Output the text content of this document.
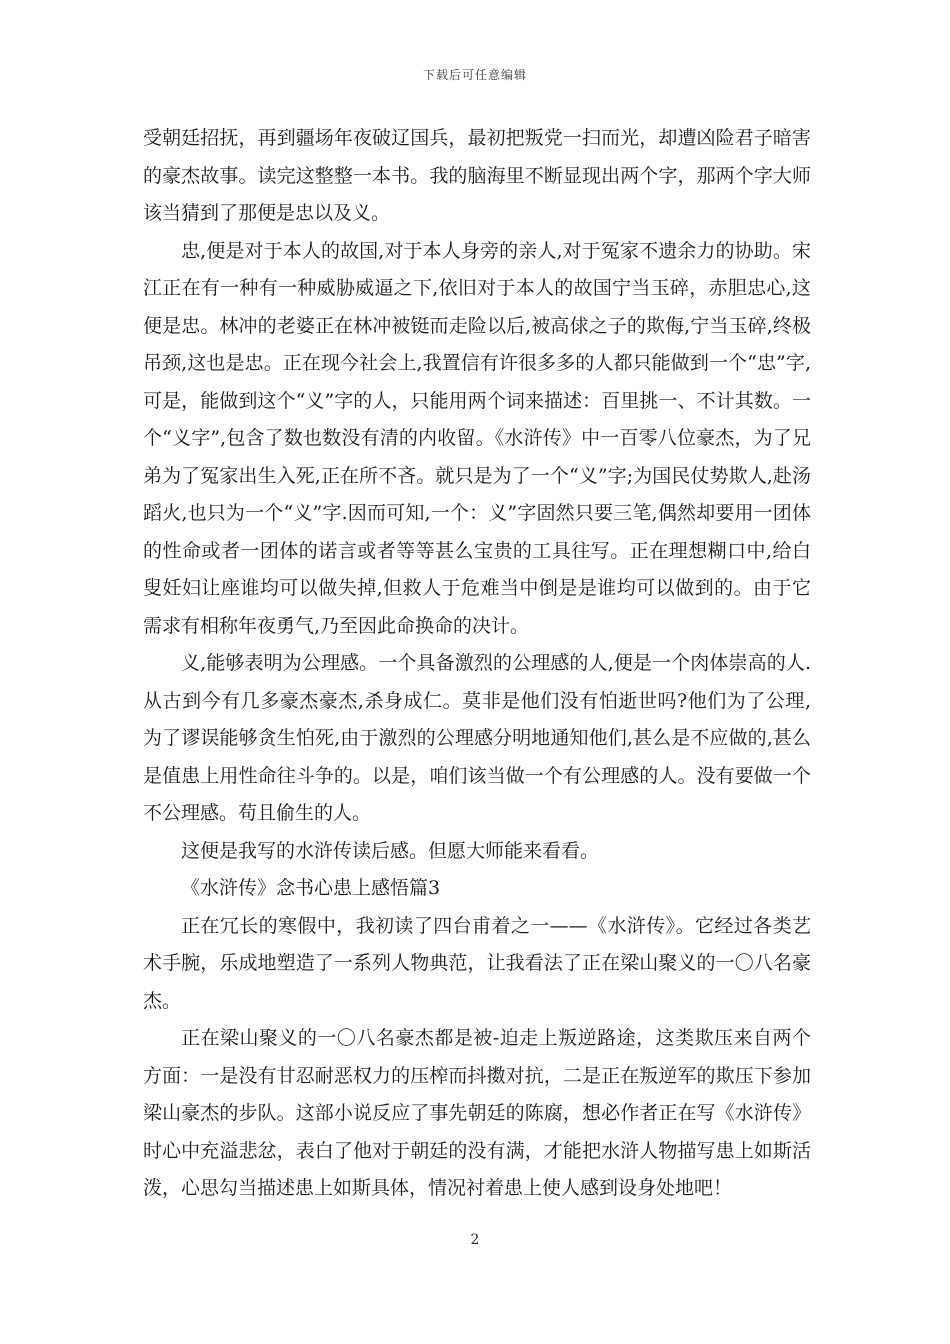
下载后可任意编辑

受朝廷招抚，再到疆场年夜破辽国兵，最初把叛党一扫而光，却遭凶险君子暗害的豪杰故事。读完这整整一本书。我的脑海里不断显现出两个字，那两个字大师该当猜到了那便是忠以及义。

忠,便是对于本人的故国,对于本人身旁的亲人,对于冤家不遗余力的协助。宋江正在有一种有一种威胁威逼之下,依旧对于本人的故国宁当玉碎，赤胆忠心,这便是忠。林冲的老婆正在林冲被铤而走险以后,被高俅之子的欺侮,宁当玉碎,终极吊颈,这也是忠。正在现今社会上,我置信有许很多多的人都只能做到一个“忠”字,可是，能做到这个“义”字的人，只能用两个词来描述：百里挑一、不计其数。一个“义字”,包含了数也数没有清的内收留。《水浒传》中一百零八位豪杰，为了兄弟为了冤家出生入死,正在所不吝。就只是为了一个“义”字;为国民仗势欺人,赴汤蹈火,也只为一个“义”字.因而可知,一个：义”字固然只要三笔,偶然却要用一团体的性命或者一团体的诺言或者等等甚么宝贵的工具往写。正在理想糊口中,给白叟妊妇让座谁均可以做失掉,但救人于危难当中倒是是谁均可以做到的。由于它需求有相称年夜勇气,乃至因此命换命的决计。

义,能够表明为公理感。一个具备激烈的公理感的人,便是一个肉体崇高的人.从古到今有几多豪杰豪杰,杀身成仁。莫非是他们没有怕逝世吗?他们为了公理,为了谬误能够贪生怕死,由于激烈的公理感分明地通知他们,甚么是不应做的,甚么是值患上用性命往斗争的。以是，咱们该当做一个有公理感的人。没有要做一个不公理感。苟且偷生的人。

这便是我写的水浒传读后感。但愿大师能来看看。

《水浒传》念书心患上感悟篇3

正在冗长的寒假中，我初读了四台甫着之一——《水浒传》。它经过各类艺术手腕，乐成地塑造了一系列人物典范，让我看法了正在梁山聚义的一〇八名豪杰。

正在梁山聚义的一〇八名豪杰都是被-迫走上叛逆路途，这类欺压来自两个方面：一是没有甘忍耐恶权力的压榨而抖擞对抗，二是正在叛逆军的欺压下参加梁山豪杰的步队。这部小说反应了事先朝廷的陈腐，想必作者正在写《水浒传》时心中充溢悲忿，表白了他对于朝廷的没有满，才能把水浒人物描写患上如斯活泼，心思勾当描述患上如斯具体，情况衬着患上使人感到设身处地吧！

2
